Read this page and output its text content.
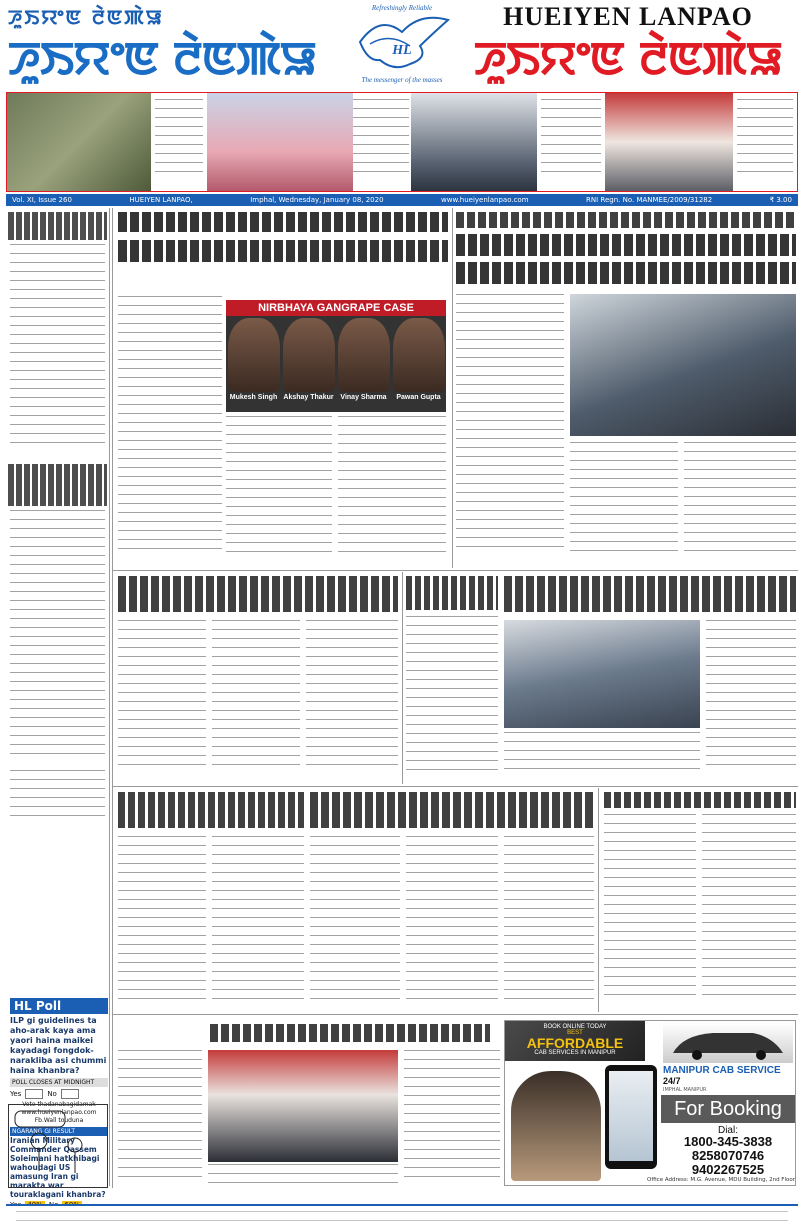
ꯍꯨꯏꯌꯦꯟ ꯂꯥꯟꯄꯥꯎ
ꯍꯨꯏꯌꯦꯟ ꯂꯥꯟꯄꯥꯎ
Refreshingly Reliable
HL
The messenger of the masses
HUEIYEN LANPAO
ꯍꯨꯏꯌꯦꯟ ꯂꯥꯟꯄꯥꯎ
Vol. XI, Issue 260	HUEIYEN LANPAO,	Imphal, Wednesday, January 08, 2020	www.hueiyenlanpao.com	RNI Regn. No. MANMEE/2009/31282	₹ 3.00
HL Poll
ILP gi guidelines ta aho-arak kaya ama yaori haina maikei kayadagi fongdok-narakliba asi chummi haina khanbra?
POLL CLOSES AT MIDNIGHT
Yes	No
Vote thadanabagidamak
www.hueiyenlanpao.com
Fb.Wall touduna
NGARANG GI RESULT
Iranian Military Commander Qassem Soleimani hatkhibagi wahoudagi US amasung Iran gi marakta war touraklagani khanbra?
NIRBHAYA GANGRAPE CASE
Mukesh Singh Akshay Thakur Vinay Sharma	Pawan Gupta
BOOK ONLINE TODAY
BEST
AFFORDABLE
CAB SERVICES IN MANIPUR
MANIPUR CAB SERVICE 24/7
IMPHAL MANIPUR
For Booking
Dial:
1800-345-3838
8258070746
9402267525
Office Address: M.G. Avenue, MDU Building, 2nd Floor
